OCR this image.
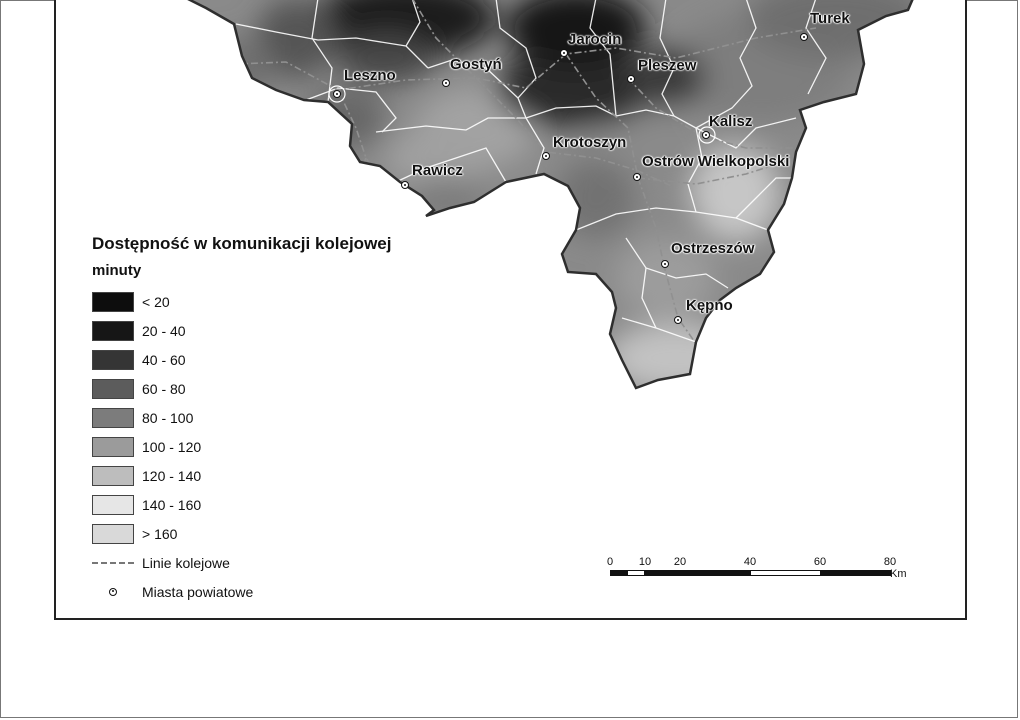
Leszno
Gostyń
Jarocin
Pleszew
Turek
Kalisz
Krotoszyn
Ostrów Wielkopolski
Rawicz
Ostrzeszów
Kępno
Dostępność w komunikacji kolejowej
minuty
< 20
20 - 40
40 - 60
60 - 80
80 - 100
100 - 120
120 - 140
140 - 160
> 160
Linie kolejowe
Miasta powiatowe
0 10 20	40	60	80
Km
